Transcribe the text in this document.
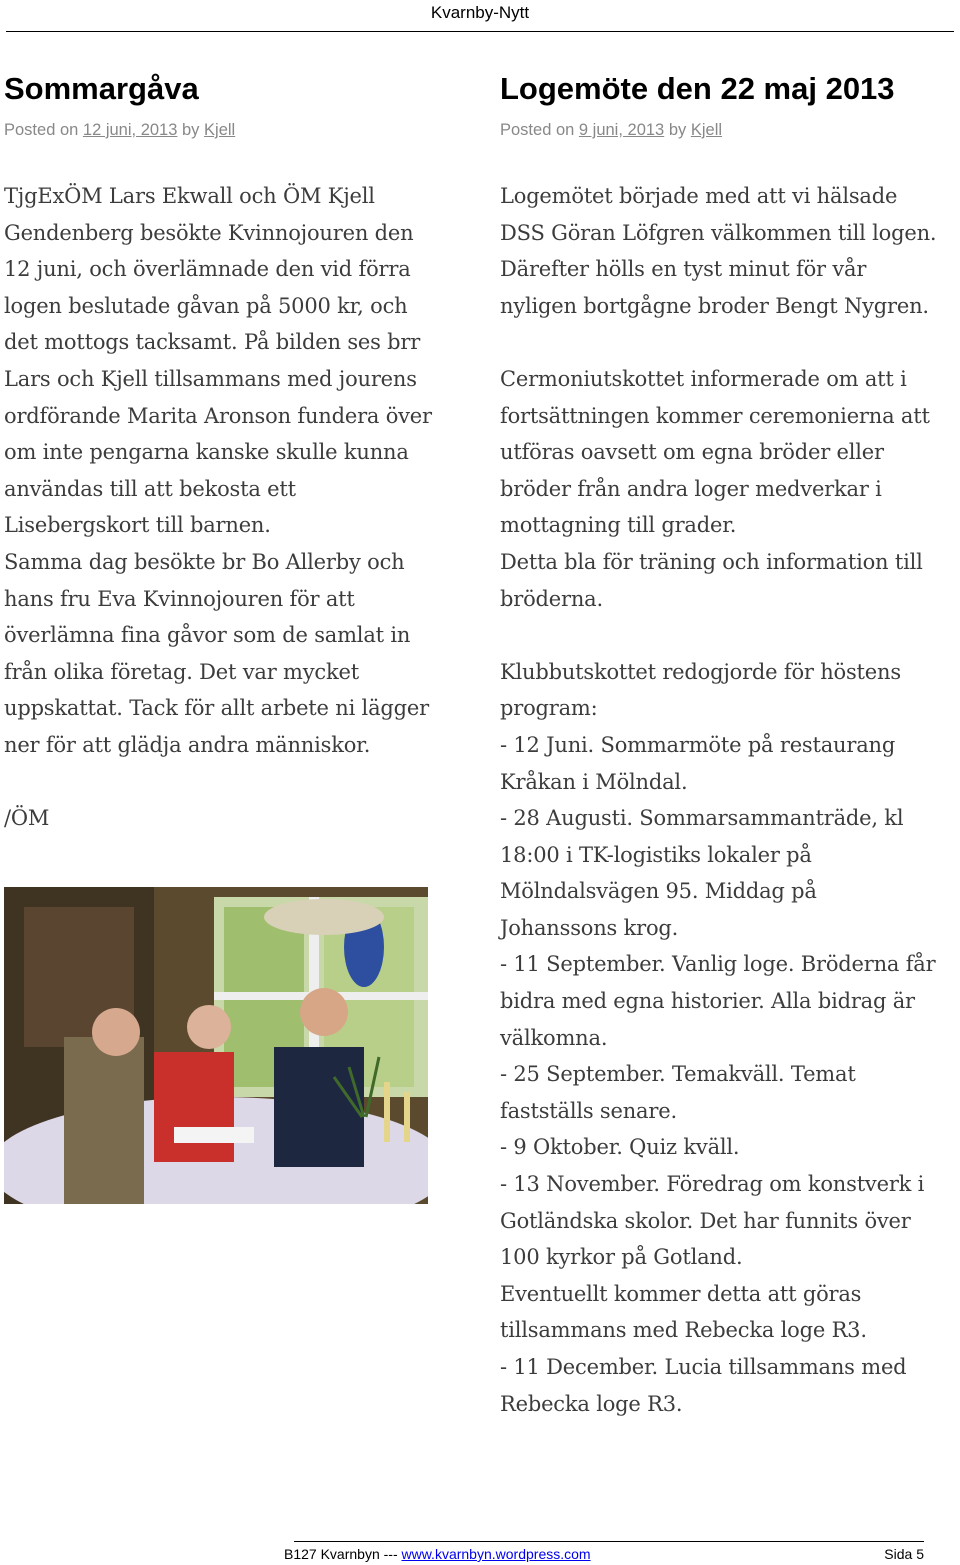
Kvarnby-Nytt
Sommargåva
Posted on 12 juni, 2013 by Kjell

TjgExÖM Lars Ekwall och ÖM Kjell Gendenberg besökte Kvinnojouren den 12 juni, och överlämnade den vid förra logen beslutade gåvan på 5000 kr, och det mottogs tacksamt. På bilden ses brr Lars och Kjell tillsammans med jourens ordförande Marita Aronson fundera över om inte pengarna kanske skulle kunna användas till att bekosta ett Lisebergskort till barnen.

Samma dag besökte br Bo Allerby och hans fru Eva Kvinnojouren för att överlämna fina gåvor som de samlat in från olika företag. Det var mycket uppskattat. Tack för allt arbete ni lägger ner för att glädja andra människor.

/ÖM

Logemöte den 22 maj 2013
Posted on 9 juni, 2013 by Kjell

Logemötet började med att vi hälsade DSS Göran Löfgren välkommen till logen.

Därefter hölls en tyst minut för vår nyligen bortgågne broder Bengt Nygren.

Cermoniutskottet informerade om att i fortsättningen kommer ceremonierna att utföras oavsett om egna bröder eller bröder från andra loger medverkar i mottagning till grader.

Detta bla för träning och information till bröderna.

Klubbutskottet redogjorde för höstens program:

- 12 Juni. Sommarmöte på restaurang Kråkan i Mölndal.

- 28 Augusti. Sommarsammanträde, kl 18:00 i TK-logistiks lokaler på Mölndalsvägen 95. Middag på Johanssons krog.

- 11 September. Vanlig loge. Bröderna får bidra med egna historier. Alla bidrag är välkomna.

- 25 September. Temakväll. Temat fastställs senare.

- 9 Oktober. Quiz kväll.

- 13 November. Föredrag om konstverk i Gotländska skolor. Det har funnits över 100 kyrkor på Gotland.

Eventuellt kommer detta att göras tillsammans med Rebecka loge R3.

- 11 December. Lucia tillsammans med Rebecka loge R3.

B127 Kvarnbyn --- www.kvarnbyn.wordpress.com	Sida 5
